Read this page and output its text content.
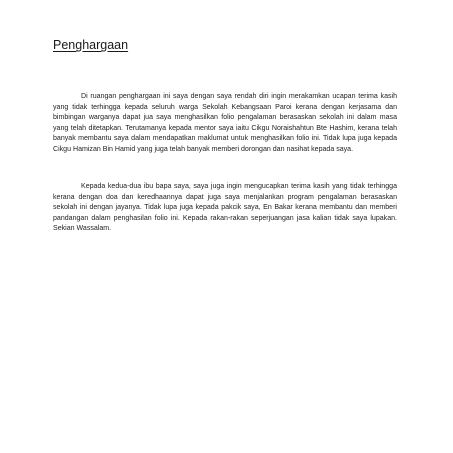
Penghargaan

Di ruangan penghargaan ini saya dengan saya rendah diri ingin merakamkan ucapan terima kasih yang tidak terhingga kepada seluruh warga Sekolah Kebangsaan Paroi kerana dengan kerjasama dan bimbingan warganya dapat jua saya menghasilkan folio pengalaman berasaskan sekolah ini dalam masa yang telah ditetapkan. Terutamanya kepada mentor saya iaitu Cikgu Noraishahtun Bte Hashim, kerana telah banyak membantu saya dalam mendapatkan maklumat untuk menghasilkan folio ini. Tidak lupa juga kepada Cikgu Hamizan Bin Hamid yang juga telah banyak memberi dorongan dan nasihat kepada saya.

Kepada kedua-dua ibu bapa saya, saya juga ingin mengucapkan terima kasih yang tidak terhingga kerana dengan doa dan keredhaannya dapat juga saya menjalankan program pengalaman berasaskan sekolah ini dengan jayanya. Tidak lupa juga kepada pakcik saya, En Bakar kerana membantu dan memberi pandangan dalam penghasilan folio ini. Kepada rakan-rakan seperjuangan jasa kalian tidak saya lupakan. Sekian Wassalam.
